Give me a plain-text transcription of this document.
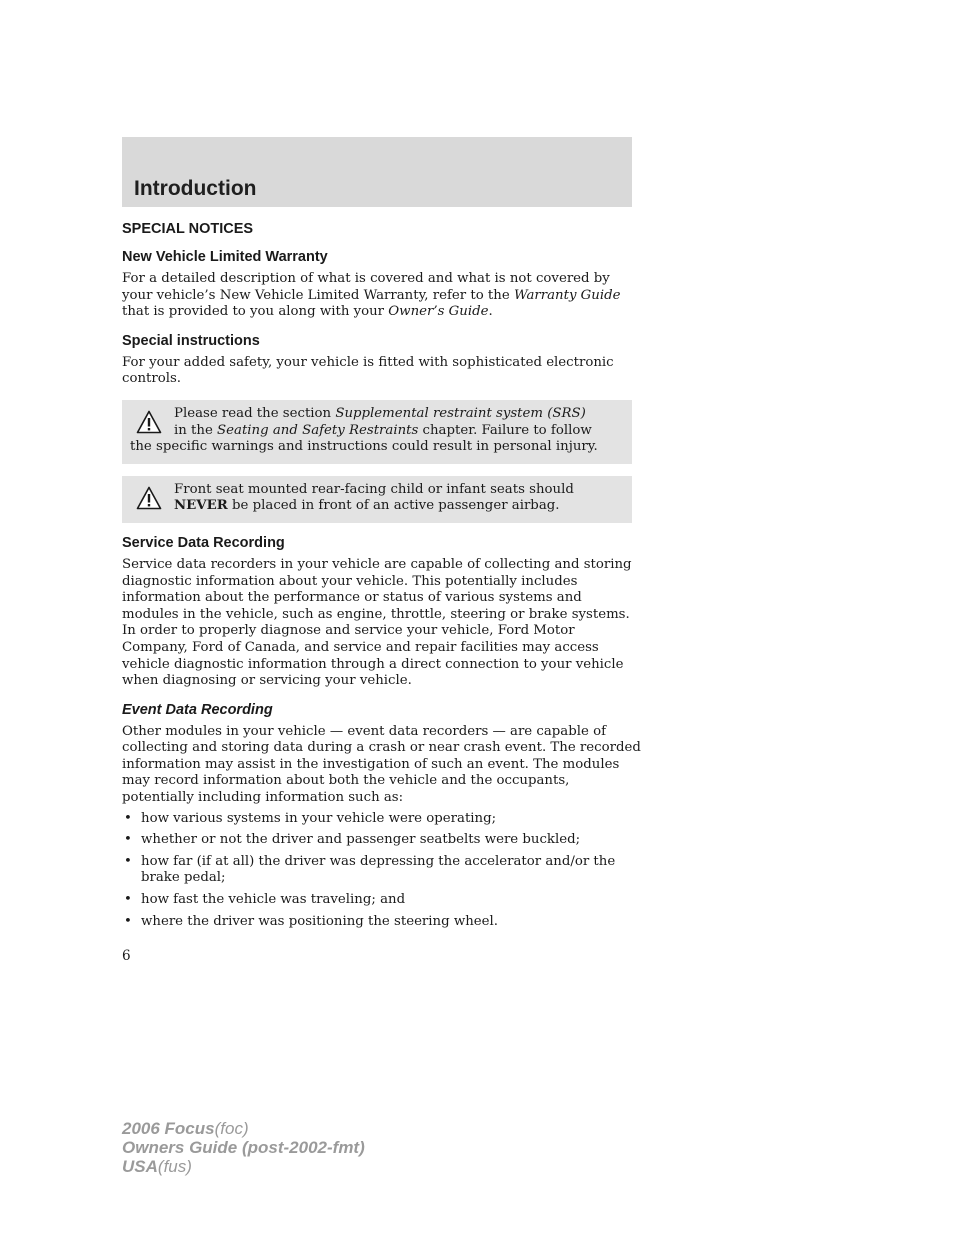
Introduction
SPECIAL NOTICES
New Vehicle Limited Warranty

For a detailed description of what is covered and what is not covered by your vehicle’s New Vehicle Limited Warranty, refer to the Warranty Guide that is provided to you along with your Owner’s Guide.

Special instructions

For your added safety, your vehicle is fitted with sophisticated electronic controls.

Please read the section Supplemental restraint system (SRS)

in the Seating and Safety Restraints chapter. Failure to follow

the specific warnings and instructions could result in personal injury.

Front seat mounted rear-facing child or infant seats should

NEVER be placed in front of an active passenger airbag.

Service Data Recording

Service data recorders in your vehicle are capable of collecting and storing diagnostic information about your vehicle. This potentially includes information about the performance or status of various systems and modules in the vehicle, such as engine, throttle, steering or brake systems. In order to properly diagnose and service your vehicle, Ford Motor Company, Ford of Canada, and service and repair facilities may access vehicle diagnostic information through a direct connection to your vehicle when diagnosing or servicing your vehicle.

Event Data Recording

Other modules in your vehicle — event data recorders — are capable of collecting and storing data during a crash or near crash event. The recorded information may assist in the investigation of such an event. The modules may record information about both the vehicle and the occupants, potentially including information such as:

• how various systems in your vehicle were operating;
• whether or not the driver and passenger seatbelts were buckled;
• how far (if at all) the driver was depressing the accelerator and/or the brake pedal;
• how fast the vehicle was traveling; and
• where the driver was positioning the steering wheel.
6
2006 Focus(foc)
Owners Guide (post-2002-fmt)
USA(fus)
